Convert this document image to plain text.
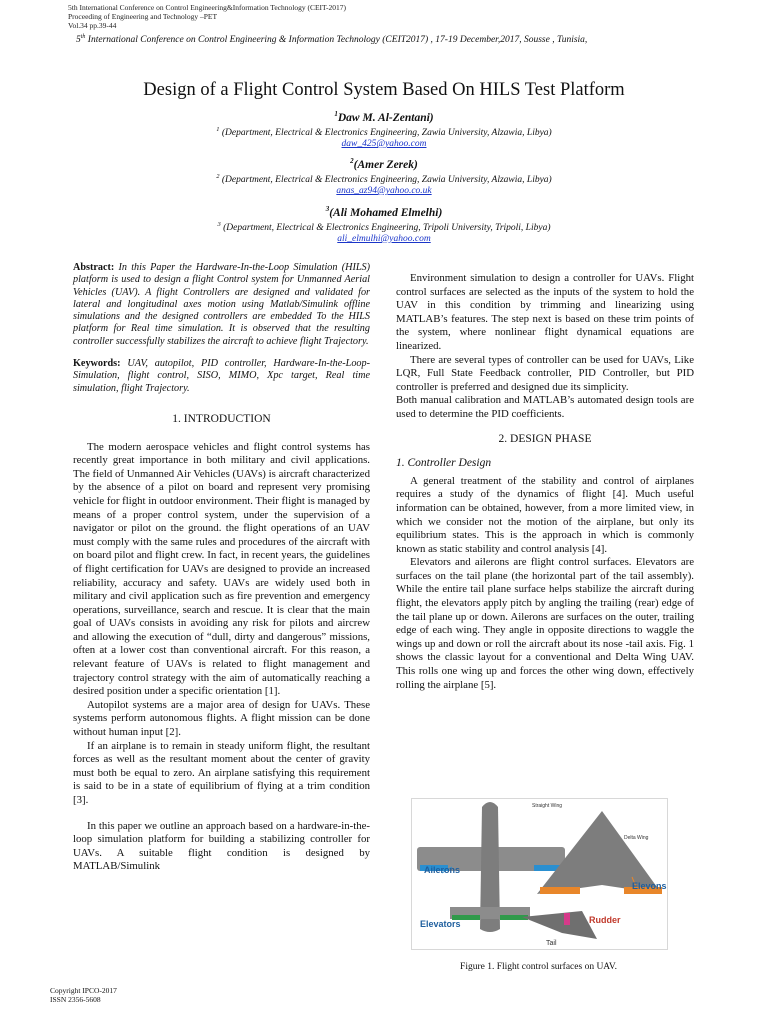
5th International Conference on Control Engineering&Information Technology (CEIT-2017)
Proceeding of Engineering and Technology –PET
Vol.34 pp.39-44
5th International Conference on Control Engineering & Information Technology (CEIT2017) , 17-19 December,2017, Sousse , Tunisia,
Design of a Flight Control System Based On HILS Test Platform
$^1$Daw M. Al-Zentani)
$^1$ (Department, Electrical & Electronics Engineering, Zawia University, Alzawia, Libya)
daw_425@yahoo.com
$^2$(Amer Zerek)
$^2$ (Department, Electrical & Electronics Engineering, Zawia University, Alzawia, Libya)
anas_az94@yahoo.co.uk
$^3$(Ali Mohamed Elmelhi)
$^3$ (Department, Electrical & Electronics Engineering, Tripoli University, Tripoli, Libya)
ali_elmulhi@yahoo.com

Abstract: In this Paper the Hardware-In-the-Loop Simulation (HILS) platform is used to design a flight Control system for Unmanned Aerial Vehicles (UAV). A flight Controllers are designed and validated for lateral and longitudinal axes motion using Matlab/Simulink offline simulations and the designed controllers are embedded To the HILS platform for Real time simulation. It is observed that the resulting controller successfully stabilizes the aircraft to achieve flight Trajectory.

Keywords: UAV, autopilot, PID controller, Hardware-In-the-Loop-Simulation, flight control, SISO, MIMO, Xpc target, Real time simulation, flight Trajectory.

1. INTRODUCTION

The modern aerospace vehicles and flight control systems has recently great importance in both military and civil applications. The field of Unmanned Air Vehicles (UAVs) is aircraft characterized by the absence of a pilot on board and represent very promising vehicle for flight in outdoor environment. Their flight is managed by means of a proper control system, under the supervision of a navigator or pilot on the ground. the flight operations of an UAV must comply with the same rules and procedures of the aircraft with on board pilot and flight crew. In fact, in recent years, the guidelines of flight certification for UAVs are designed to provide an increased reliability, accuracy and safety. UAVs are widely used both in military and civil application such as fire prevention and emergency operations, surveillance, search and rescue. It is clear that the main goal of UAVs consists in avoiding any risk for pilots and aircrew and allowing the execution of “dull, dirty and dangerous” missions, often at a lower cost than conventional aircraft. For this reason, a relevant feature of UAVs is related to flight management and trajectory control strategy with the aim of automatically reaching a desired position under a specific orientation [1].

Autopilot systems are a major area of design for UAVs. These systems perform autonomous flights. A flight mission can be done without human input [2].

If an airplane is to remain in steady uniform flight, the resultant forces as well as the resultant moment about the center of gravity must both be equal to zero. An airplane satisfying this requirement is said to be in a state of equilibrium of flying at a trim condition [3].

In this paper we outline an approach based on a hardware-in-the-loop simulation platform for building a stabilizing controller for UAVs. A suitable flight condition is designed by MATLAB/Simulink

Environment simulation to design a controller for UAVs. Flight control surfaces are selected as the inputs of the system to hold the UAV in this condition by trimming and linearizing using MATLAB’s features. The step next is based on these trim points of the system, where nonlinear flight dynamical equations are linearized.

There are several types of controller can be used for UAVs, Like LQR, Full State Feedback controller, PID Controller, but PID controller is preferred and designed due its simplicity.

Both manual calibration and MATLAB’s automated design tools are used to determine the PID coefficients.

2. DESIGN PHASE

1. Controller Design

A general treatment of the stability and control of airplanes requires a study of the dynamics of flight [4]. Much useful information can be obtained, however, from a more limited view, in which we consider not the motion of the airplane, but only its equilibrium states. This is the approach in which is commonly known as static stability and control analysis [4].

Elevators and ailerons are flight control surfaces. Elevators are surfaces on the tail plane (the horizontal part of the tail assembly). While the entire tail plane surface helps stabilize the aircraft during flight, the elevators apply pitch by angling the trailing (rear) edge of the tail plane up or down. Ailerons are surfaces on the outer, trailing edge of each wing. They angle in opposite directions to waggle the wings up and down or roll the aircraft about its nose -tail axis. Fig. 1 shows the classic layout for a conventional and Delta Wing UAV. This rolls one wing up and forces the other wing down, effectively rolling the airplane [5].

Straight Wing
Delta Wing
Ailerons
Elevons
Elevators	Rudder
Tail
Figure 1. Flight control surfaces on UAV.
Copyright IPCO-2017
ISSN 2356-5608
